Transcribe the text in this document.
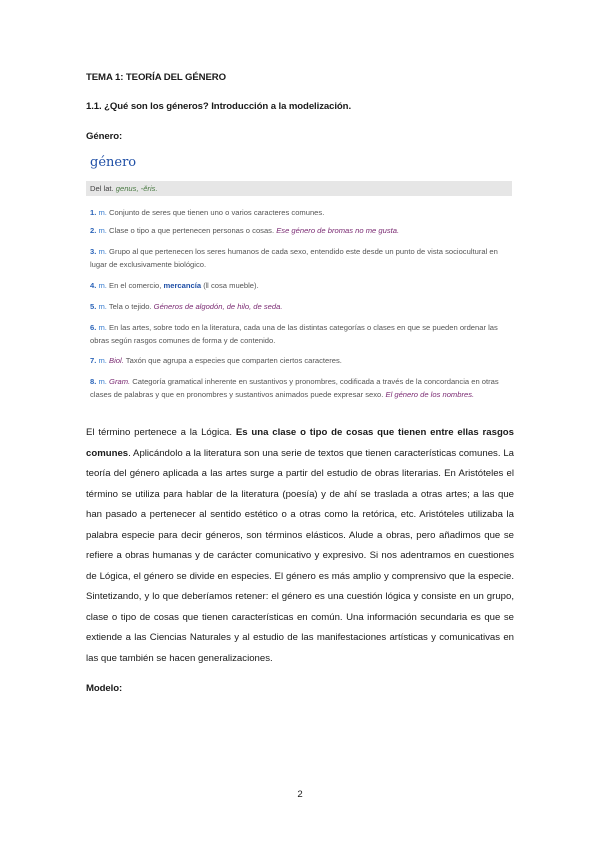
TEMA 1: TEORÍA DEL GÉNERO
1.1. ¿Qué son los géneros? Introducción a la modelización.
Género:
género
Del lat. genus, -ĕris.
1. m. Conjunto de seres que tienen uno o varios caracteres comunes.
2. m. Clase o tipo a que pertenecen personas o cosas. Ese género de bromas no me gusta.
3. m. Grupo al que pertenecen los seres humanos de cada sexo, entendido este desde un punto de vista sociocultural en lugar de exclusivamente biológico.
4. m. En el comercio, mercancía (‖ cosa mueble).
5. m. Tela o tejido. Géneros de algodón, de hilo, de seda.
6. m. En las artes, sobre todo en la literatura, cada una de las distintas categorías o clases en que se pueden ordenar las obras según rasgos comunes de forma y de contenido.
7. m. Biol. Taxón que agrupa a especies que comparten ciertos caracteres.
8. m. Gram. Categoría gramatical inherente en sustantivos y pronombres, codificada a través de la concordancia en otras clases de palabras y que en pronombres y sustantivos animados puede expresar sexo. El género de los nombres.
El término pertenece a la Lógica. Es una clase o tipo de cosas que tienen entre ellas rasgos comunes. Aplicándolo a la literatura son una serie de textos que tienen características comunes. La teoría del género aplicada a las artes surge a partir del estudio de obras literarias. En Aristóteles el término se utiliza para hablar de la literatura (poesía) y de ahí se traslada a otras artes; a las que han pasado a pertenecer al sentido estético o a otras como la retórica, etc. Aristóteles utilizaba la palabra especie para decir géneros, son términos elásticos. Alude a obras, pero añadimos que se refiere a obras humanas y de carácter comunicativo y expresivo. Si nos adentramos en cuestiones de Lógica, el género se divide en especies. El género es más amplio y comprensivo que la especie. Sintetizando, y lo que deberíamos retener: el género es una cuestión lógica y consiste en un grupo, clase o tipo de cosas que tienen características en común. Una información secundaria es que se extiende a las Ciencias Naturales y al estudio de las manifestaciones artísticas y comunicativas en las que también se hacen generalizaciones.
Modelo:
2
